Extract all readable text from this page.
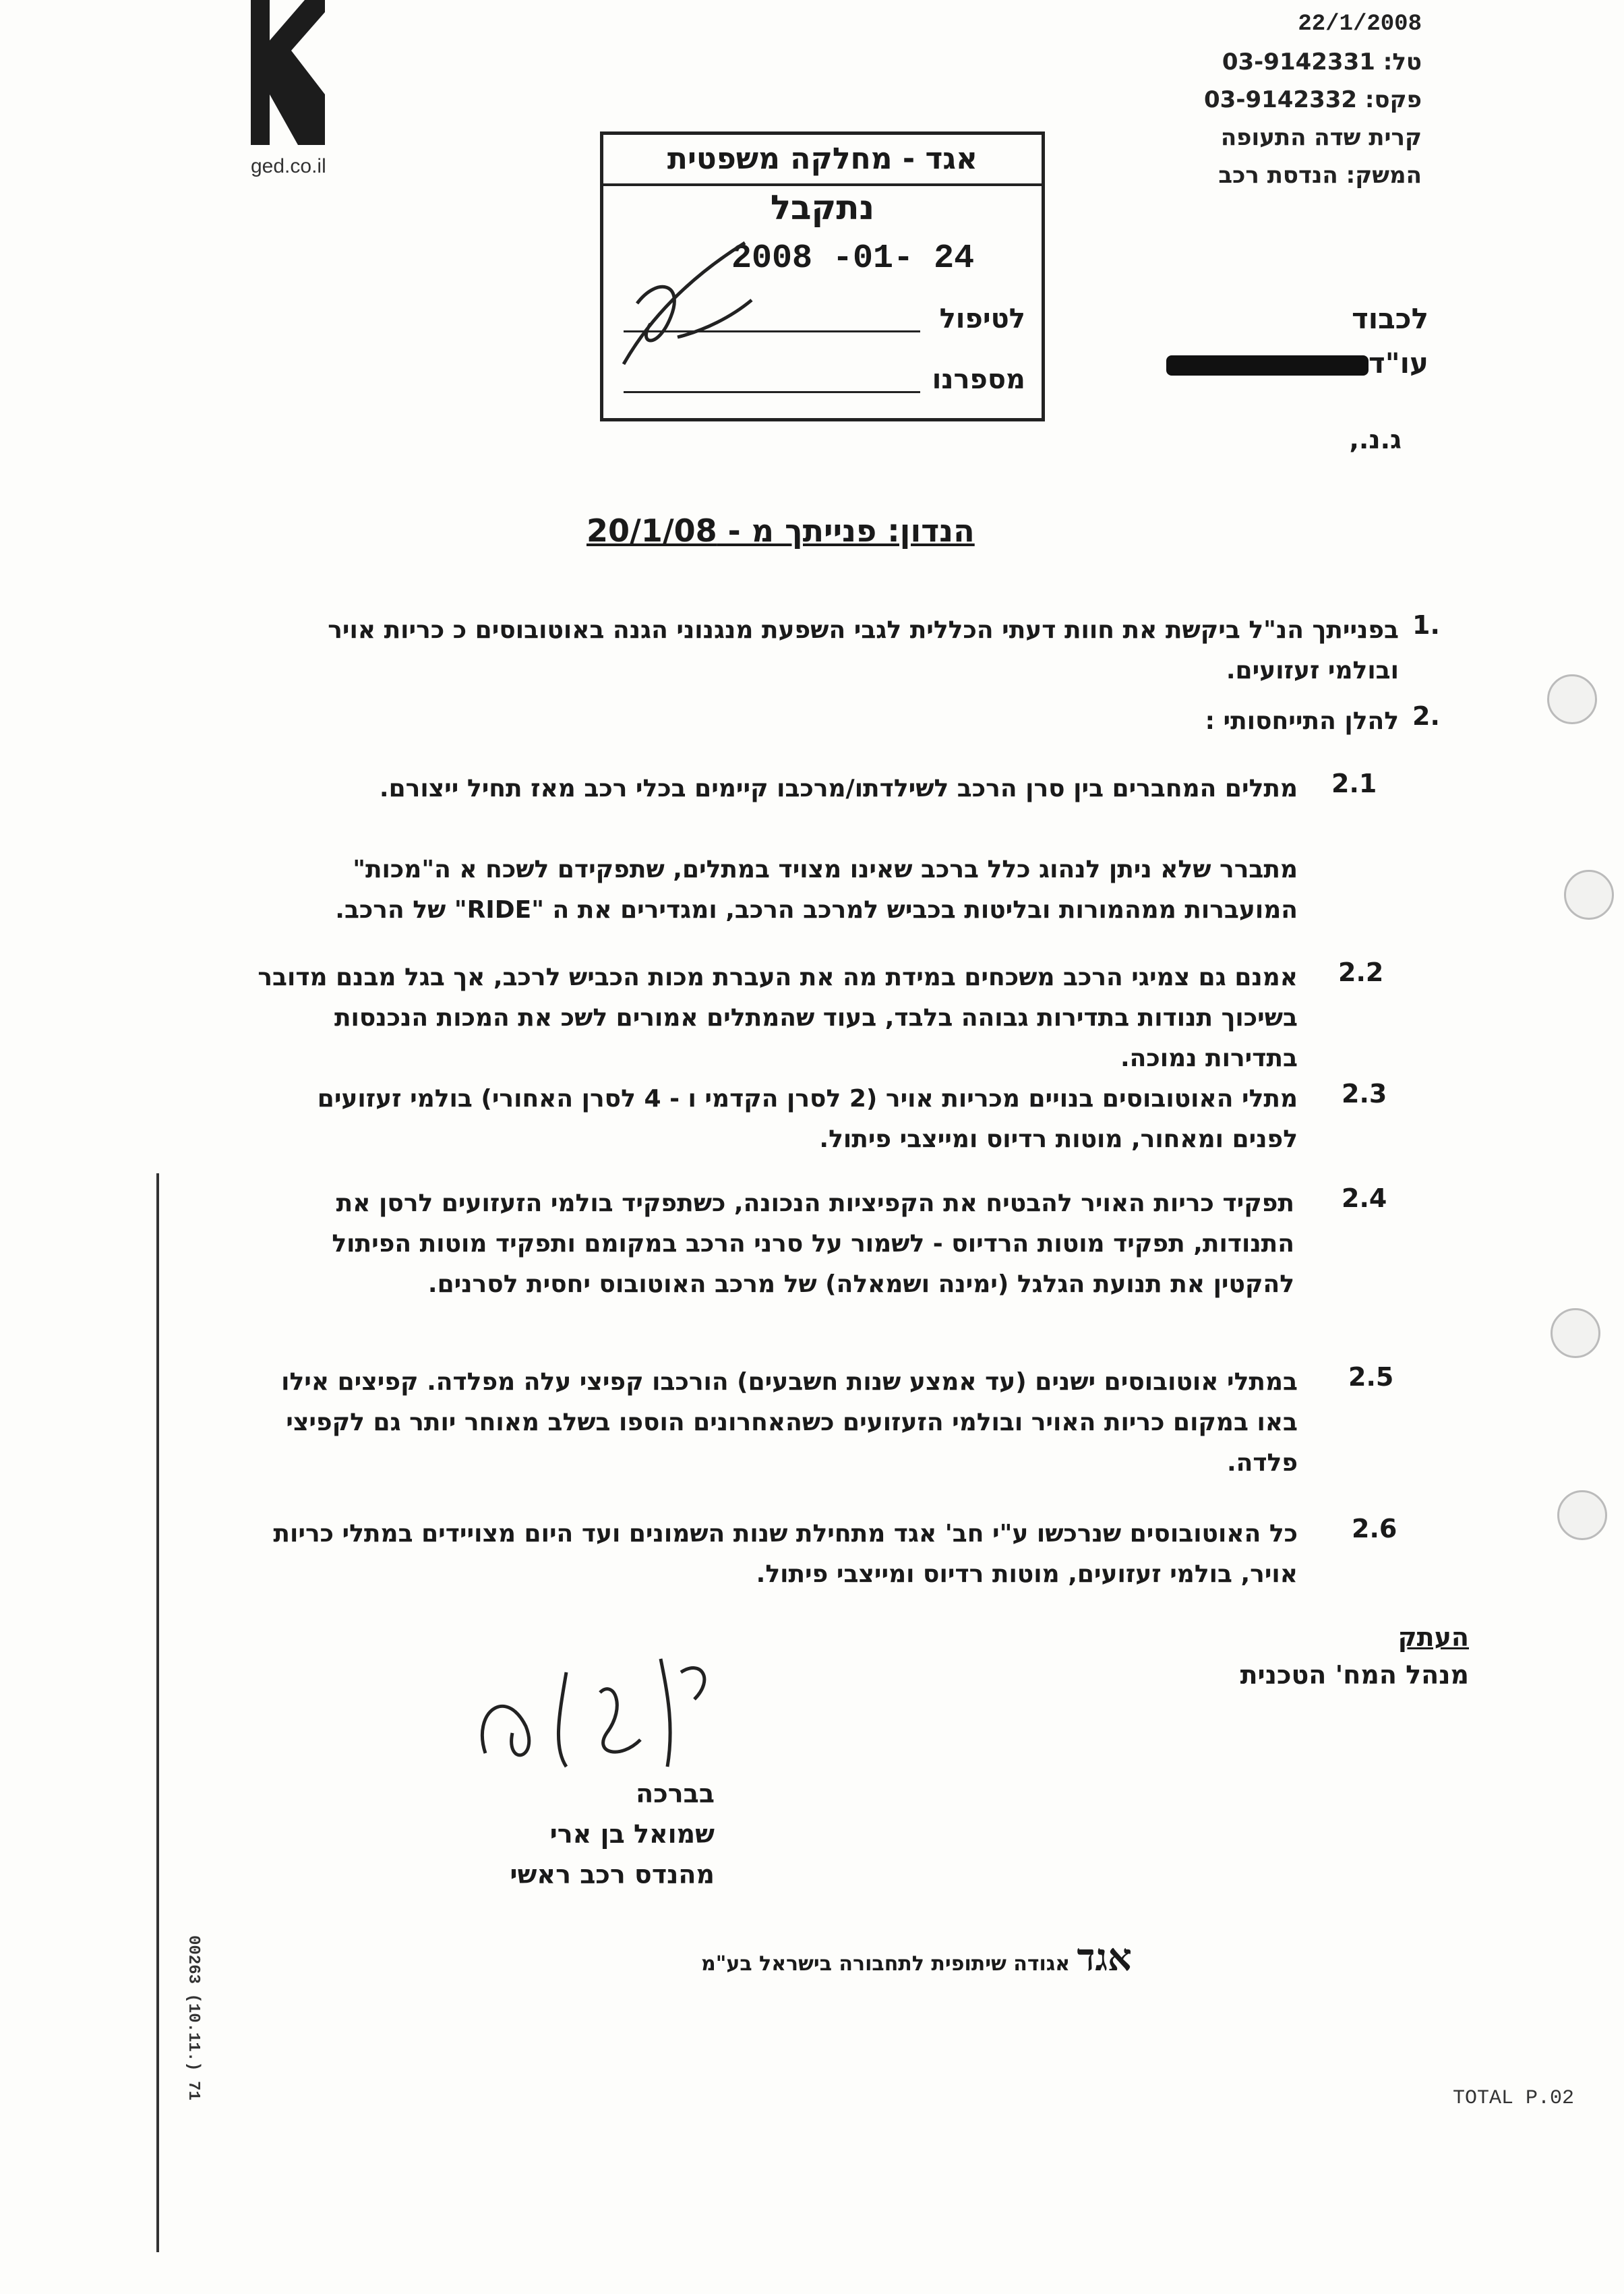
ged.co.il
22/1/2008
טל: 03-9142331
פקס: 03-9142332
קרית שדה התעופה
המשק: הנדסת רכב
אגד - מחלקה משפטית
נתקבל
24 -01- 2008
לטיפול
מספרנו
לכבוד
עו"ד
ג.נ.,
הנדון: פנייתך מ - 20/1/08
1.
בפנייתך הנ"ל ביקשת את חוות דעתי הכללית לגבי השפעת מנגנוני הגנה באוטובוסים כ כריות אויר ובולמי זעזועים.
2.
להלן התייחסותי :
2.1
מתלים המחברים בין סרן הרכב לשילדתו/מרכבו קיימים בכלי רכב מאז תחיל ייצורם.
מתברר שלא ניתן לנהוג כלל ברכב שאינו מצויד במתלים, שתפקידם לשכח א ה"מכות" המועברות ממהמורות ובליטות בכביש למרכב הרכב, ומגדירים את ה "RIDE" של הרכב.
2.2
אמנם גם צמיגי הרכב משכחים במידת מה את העברת מכות הכביש לרכב, אך בגל מבנם מדובר בשיכוך תנודות בתדירות גבוהה בלבד, בעוד שהמתלים אמורים לשכ את המכות הנכנסות בתדירות נמוכה.
2.3
מתלי האוטובוסים בנויים מכריות אויר (2 לסרן הקדמי ו - 4 לסרן האחורי) בולמי זעזועים לפנים ומאחור, מוטות רדיוס ומייצבי פיתול.
2.4
תפקיד כריות האויר להבטיח את הקפיציות הנכונה, כשתפקיד בולמי הזעזועים לרסן את התנודות, תפקיד מוטות הרדיוס - לשמור על סרני הרכב במקומם ותפקיד מוטות הפיתול להקטין את תנועת הגלגל (ימינה ושמאלה) של מרכב האוטובוס יחסית לסרנים.
2.5
במתלי אוטובוסים ישנים (עד אמצע שנות חשבעים) הורכבו קפיצי עלה מפלדה. קפיצים אילו באו במקום כריות האויר ובולמי הזעזועים כשהאחרונים הוספו בשלב מאוחר יותר גם לקפיצי פלדה.
2.6
כל האוטובוסים שנרכשו ע"י חב' אגד מתחילת שנות השמונים ועד היום מצויידים במתלי כריות אויר, בולמי זעזועים, מוטות רדיוס ומייצבי פיתול.
העתק
מנהל המח' הטכנית
בברכה
שמואל בן ארי
מהנדס רכב ראשי
אגד אגודה שיתופית לתחבורה בישראל בע"מ
00263 (10.11.) 71	TOTAL P.02
